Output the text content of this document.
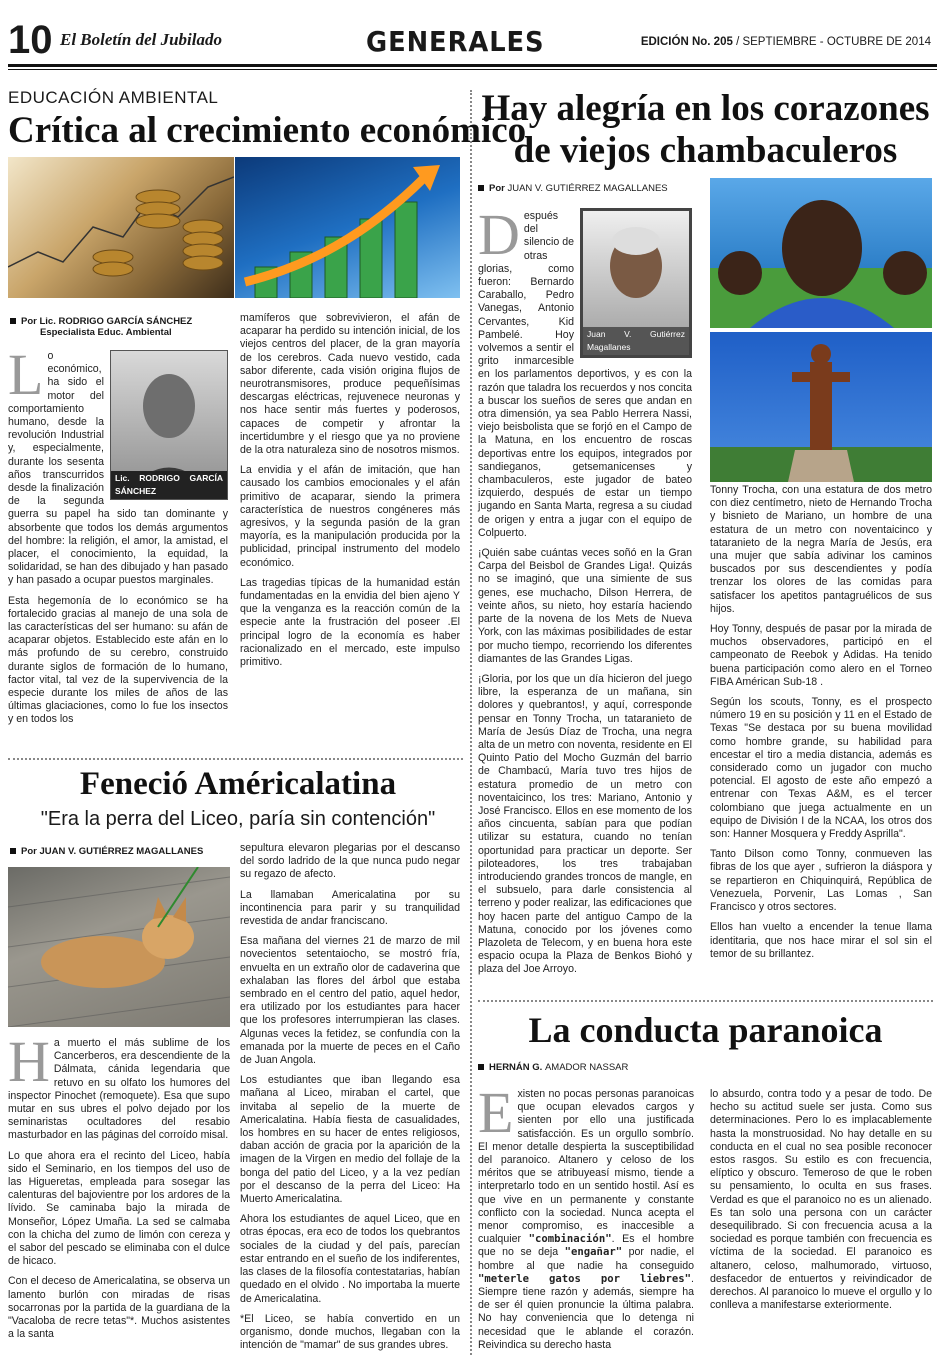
10 El Boletín del Jubilado	GENERALES	EDICIÓN No. 205 / SEPTIEMBRE - OCTUBRE DE 2014
EDUCACIÓN AMBIENTAL
Crítica al crecimiento económico
Por Lic. RODRIGO GARCÍA SÁNCHEZ
Especialista Educ. Ambiental
Lic. RODRIGO GARCÍA SÁNCHEZ

Lo económico, ha sido el motor del comportamiento humano, desde la revolución Industrial y, especialmente, durante los sesenta años transcurridos desde la finalización de la segunda guerra su papel ha sido tan dominante y absorbente que todos los demás argumentos del hombre: la religión, el amor, la amistad, el placer, el conocimiento, la equidad, la solidaridad, se han des dibujado y han pasado y han pasado a ocupar puestos marginales.

Esta hegemonía de lo económico se ha fortalecido gracias al manejo de una sola de las características del ser humano: su afán de acaparar objetos. Establecido este afán en lo más profundo de su cerebro, construido durante siglos de formación de lo humano, factor vital, tal vez de la supervivencia de la especie durante los miles de años de las últimas glaciaciones, como lo fue los insectos y en todos los

mamíferos que sobrevivieron, el afán de acaparar ha perdido su intención inicial, de los viejos centros del placer, de la gran mayoría de los cerebros. Cada nuevo vestido, cada sabor diferente, cada visión origina flujos de neurotransmisores, produce pequeñísimas descargas eléctricas, rejuvenece neuronas y nos hace sentir más fuertes y poderosos, capaces de competir y afrontar la incertidumbre y el riesgo que ya no proviene de la otra naturaleza sino de nosotros mismos.

La envidia y el afán de imitación, que han causado los cambios emocionales y el afán primitivo de acaparar, siendo la primera característica de nuestros congéneres más agresivos, y la segunda pasión de la gran mayoría, es la manipulación producida por la publicidad, principal instrumento del modelo económico.

Las tragedias típicas de la humanidad están fundamentadas en la envidia del bien ajeno Y que la venganza es la reacción común de la especie ante la frustración del poseer .El principal logro de la economía es haber racionalizado en el mercado, este impulso primitivo.

Feneció Américalatina
"Era la perra del Liceo, paría sin contención"
Por JUAN V. GUTIÉRREZ MAGALLANES

Ha muerto el más sublime de los Cancerberos, era descendiente de la Dálmata, cánida legendaria que retuvo en su olfato los humores del inspector Pinochet (remoquete). Esa que supo mutar en sus ubres el polvo dejado por los seminaristas ocultadores del resabio masturbador en las páginas del corroído misal.

Lo que ahora era el recinto del Liceo, había sido el Seminario, en los tiempos del uso de las Higueretas, empleada para sosegar las calenturas del bajovientre por los ardores de la lívido. Se caminaba bajo la mirada de Monseñor, López Umaña. La sed se calmaba con la chicha del zumo de limón con cereza y el sabor del pescado se eliminaba con el dulce de hicaco.

Con el deceso de Americalatina, se observa un lamento burlón con miradas de risas socarronas por la partida de la guardiana de la "Vacaloba de recre tetas"*. Muchos asistentes a la santa

sepultura elevaron plegarias por el descanso del sordo ladrido de la que nunca pudo negar su regazo de afecto.

La llamaban Americalatina por su incontinencia para parir y su tranquilidad revestida de andar franciscano.

Esa mañana del viernes 21 de marzo de mil novecientos setentaiocho, se mostró fría, envuelta en un extraño olor de cadaverina que exhalaban las flores del árbol que estaba sembrado en el centro del patio, aquel hedor, era utilizado por los estudiantes para hacer que los profesores interrumpieran las clases. Algunas veces la fetidez, se confundía con la emanada por la muerte de peces en el Caño de Juan Angola.

Los estudiantes que iban llegando esa mañana al Liceo, miraban el cartel, que invitaba al sepelio de la muerte de Americalatina. Había fiesta de casualidades, los hombres en su hacer de entes religiosos, daban acción de gracia por la aparición de la imagen de la Virgen en medio del follaje de la bonga del patio del Liceo, y a la vez pedían por el descanso de la perra del Liceo: Ha Muerto Americalatina.

Ahora los estudiantes de aquel Liceo, que en otras épocas, era eco de todos los quebrantos sociales de la ciudad y del país, parecían estar entrando en el sueño de los indiferentes, las clases de la filosofía contestatarias, habían quedado en el olvido . No importaba la muerte de Americalatina.

*El Liceo, se había convertido en un organismo, donde muchos, llegaban con la intención de "mamar" de sus grandes ubres.

Hay alegría en los corazones
de viejos chambaculeros
Por JUAN V. GUTIÉRREZ MAGALLANES
Juan V. Gutiérrez Magallanes

Después del silencio de otras glorias, como fueron: Bernardo Caraballo, Pedro Vanegas, Antonio Cervantes, Kid Pambelé. Hoy volvemos a sentir el grito inmarcesible en los parlamentos deportivos, y es con la razón que taladra los recuerdos y nos concita a buscar los sueños de seres que andan en otra dimensión, ya sea Pablo Herrera Nassi, viejo beisbolista que se forjó en el Campo de la Matuna, en los encuentro de roscas deportivas entre los equipos, integrados por sandieganos, getsemanicenses y chambaculeros, este jugador de bateo izquierdo, después de estar un tiempo jugando en Santa Marta, regresa a su ciudad de origen y entra a jugar con el equipo de Colpuerto.

¡Quién sabe cuántas veces soñó en la Gran Carpa del Beisbol de Grandes Liga!. Quizás no se imaginó, que una simiente de sus genes, ese muchacho, Dilson Herrera, de veinte años, su nieto, hoy estaría haciendo parte de la novena de los Mets de Nueva York, con las máximas posibilidades de estar por mucho tiempo, recorriendo los diferentes diamantes de las Grandes Ligas.

¡Gloria, por los que un día hicieron del juego libre, la esperanza de un mañana, sin dolores y quebrantos!, y aquí, corresponde pensar en Tonny Trocha, un tataranieto de María de Jesús Díaz de Trocha, una negra alta de un metro con noventa, residente en El Quinto Patio del Mocho Guzmán del barrio de Chambacú, María tuvo tres hijos de estatura promedio de un metro con noventaicinco, los tres: Mariano, Antonio y José Francisco. Ellos en ese momento de los años cincuenta, sabían para que podían utilizar su estatura, cuando no tenían oportunidad para practicar un deporte. Ser piloteadores, los tres trabajaban introduciendo grandes troncos de mangle, en el subsuelo, para darle consistencia al terreno y poder realizar, las edificaciones que hoy hacen parte del antiguo Campo de la Matuna, conocido por los jóvenes como Plazoleta de Telecom, y en buena hora este espacio ocupa la Plaza de Benkos Biohó y plaza del Joe Arroyo.

Tonny Trocha, con una estatura de dos metro con diez centímetro, nieto de Hernando Trocha y bisnieto de Mariano, un hombre de una estatura de un metro con noventaicinco y tataranieto de la negra María de Jesús, era una mujer que sabía adivinar los caminos buscados por sus descendientes y podía trenzar los olores de las comidas para satisfacer los apetitos pantagruélicos de sus hijos.

Hoy Tonny, después de pasar por la mirada de muchos observadores, participó en el campeonato de Reebok y Adidas. Ha tenido buena participación como alero en el Torneo FIBA Américan Sub-18 .

Según los scouts, Tonny, es el prospecto número 19 en su posición y 11 en el Estado de Texas "Se destaca por su buena movilidad como hombre grande, su habilidad para encestar el tiro a media distancia, además es considerado como un jugador con mucho potencial. El agosto de este año empezó a entrenar con Texas A&M, es el tercer colombiano que juega actualmente en un equipo de División I de la NCAA, los otros dos son: Hanner Mosquera y Freddy Asprilla".

Tanto Dilson como Tonny, conmueven las fibras de los que ayer , sufrieron la diáspora y se repartieron en Chiquinquirá, República de Venezuela, Porvenir, Las Lomas , San Francisco y otros sectores.

Ellos han vuelto a encender la tenue llama identitaria, que nos hace mirar el sol sin el temor de su brillantez.

La conducta paranoica
HERNÁN G. AMADOR NASSAR

Existen no pocas personas paranoicas que ocupan elevados cargos y sienten por ello una justificada satisfacción. Es un orgullo sombrío. El menor detalle despierta la susceptibilidad del paranoico. Altanero y celoso de los méritos que se atribuyeasí mismo, tiende a interpretarlo todo en un sentido hostil. Así es que vive en un permanente y constante conflicto con la sociedad. Nunca acepta el menor compromiso, es inaccesible a cualquier "combinación". Es el hombre que no se deja "engañar" por nadie, el hombre al que nadie ha conseguido "meterle gatos por liebres". Siempre tiene razón y además, siempre ha de ser él quien pronuncie la última palabra. No hay conveniencia que lo detenga ni necesidad que le ablande el corazón. Reivindica su derecho hasta

lo absurdo, contra todo y a pesar de todo. De hecho su actitud suele ser justa. Como sus determinaciones. Pero lo es implacablemente hasta la monstruosidad. No hay detalle en su conducta en el cual no sea posible reconocer estos rasgos. Su estilo es con frecuencia, elíptico y obscuro. Temeroso de que le roben su pensamiento, lo oculta en sus frases. Verdad es que el paranoico no es un alienado. Es tan solo una persona con un carácter desequilibrado. Si con frecuencia acusa a la sociedad es porque también con frecuencia es víctima de la sociedad. El paranoico es altanero, celoso, malhumorado, virtuoso, desfacedor de entuertos y reivindicador de derechos. Al paranoico lo mueve el orgullo y lo conlleva a manifestarse exteriormente.
